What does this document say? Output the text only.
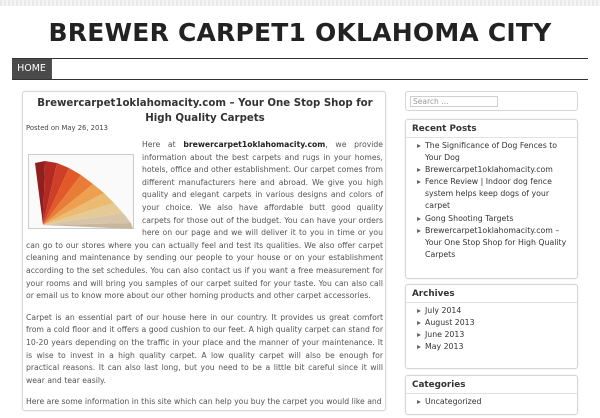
BREWER CARPET1 OKLAHOMA CITY
HOME
Brewercarpet1oklahomacity.com – Your One Stop Shop for High Quality Carpets
Posted on May 26, 2013

Here at brewercarpet1oklahomacity.com, we provide information about the best carpets and rugs in your homes, hotels, office and other establishment. Our carpet comes from different manufacturers here and abroad. We give you high quality and elegant carpets in various designs and colors of your choice. We also have affordable butt good quality carpets for those out of the budget. You can have your orders here on our page and we will deliver it to you in time or you can go to our stores where you can actually feel and test its qualities. We also offer carpet cleaning and maintenance by sending our people to your house or on your establishment according to the set schedules. You can also contact us if you want a free measurement for your rooms and will bring you samples of our carpet suited for your taste. You can also call or email us to know more about our other homing products and other carpet accessories.

Carpet is an essential part of our house here in our country. It provides us great comfort from a cold floor and it offers a good cushion to our feet. A high quality carpet can stand for 10-20 years depending on the traffic in your place and the manner of your maintenance. It is wise to invest in a high quality carpet. A low quality carpet will also be enough for practical reasons. It can also last long, but you need to be a little bit careful since it will wear and tear easily.

Here are some information in this site which can help you buy the carpet you would like and

Search …
Recent Posts
The Significance of Dog Fences to Your Dog
Brewercarpet1oklahomacity.com
Fence Review | Indoor dog fence system helps keep dogs of your carpet
Gong Shooting Targets
Brewercarpet1oklahomacity.com – Your One Stop Shop for High Quality Carpets
Archives
July 2014
August 2013
June 2013
May 2013
Categories
Uncategorized
